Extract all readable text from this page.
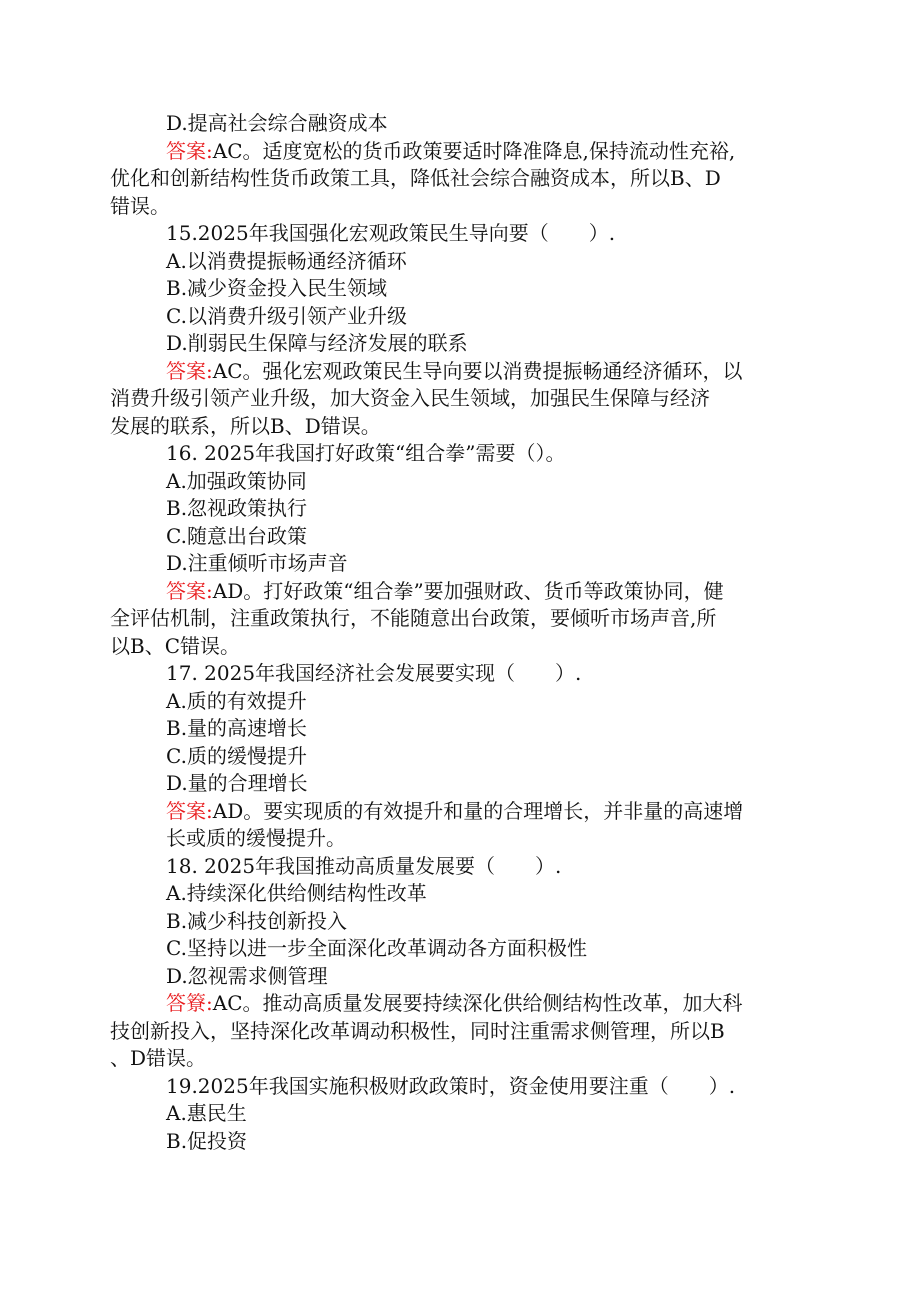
D.提高社会综合融资成本
答案:AC。适度宽松的货币政策要适时降准降息,保持流动性充裕,
优化和创新结构性货币政策工具，降低社会综合融资成本，所以B、D
错误。
15.2025年我国强化宏观政策民生导向要（　　）.
A.以消费提振畅通经济循环
B.减少资金投入民生领域
C.以消费升级引领产业升级
D.削弱民生保障与经济发展的联系
答案:AC。强化宏观政策民生导向要以消费提振畅通经济循环，以
消费升级引领产业升级，加大资金入民生领域，加强民生保障与经济
发展的联系，所以B、D错误。
16. 2025年我国打好政策“组合拳”需要（）。
A.加强政策协同
B.忽视政策执行
C.随意出台政策
D.注重倾听市场声音
答案:AD。打好政策“组合拳”要加强财政、货币等政策协同，健
全评估机制，注重政策执行，不能随意出台政策，要倾听市场声音,所
以B、C错误。
17. 2025年我国经济社会发展要实现（　　）.
A.质的有效提升
B.量的高速增长
C.质的缓慢提升
D.量的合理增长
答案:AD。要实现质的有效提升和量的合理增长，并非量的高速增
长或质的缓慢提升。
18. 2025年我国推动高质量发展要（　　）.
A.持续深化供给侧结构性改革
B.减少科技创新投入
C.坚持以进一步全面深化改革调动各方面积极性
D.忽视需求侧管理
答簝:AC。推动高质量发展要持续深化供给侧结构性改革，加大科
技创新投入，坚持深化改革调动积极性，同时注重需求侧管理，所以B
、D错误。
19.2025年我国实施积极财政政策时，资金使用要注重（　　）.
A.惠民生
B.促投资
